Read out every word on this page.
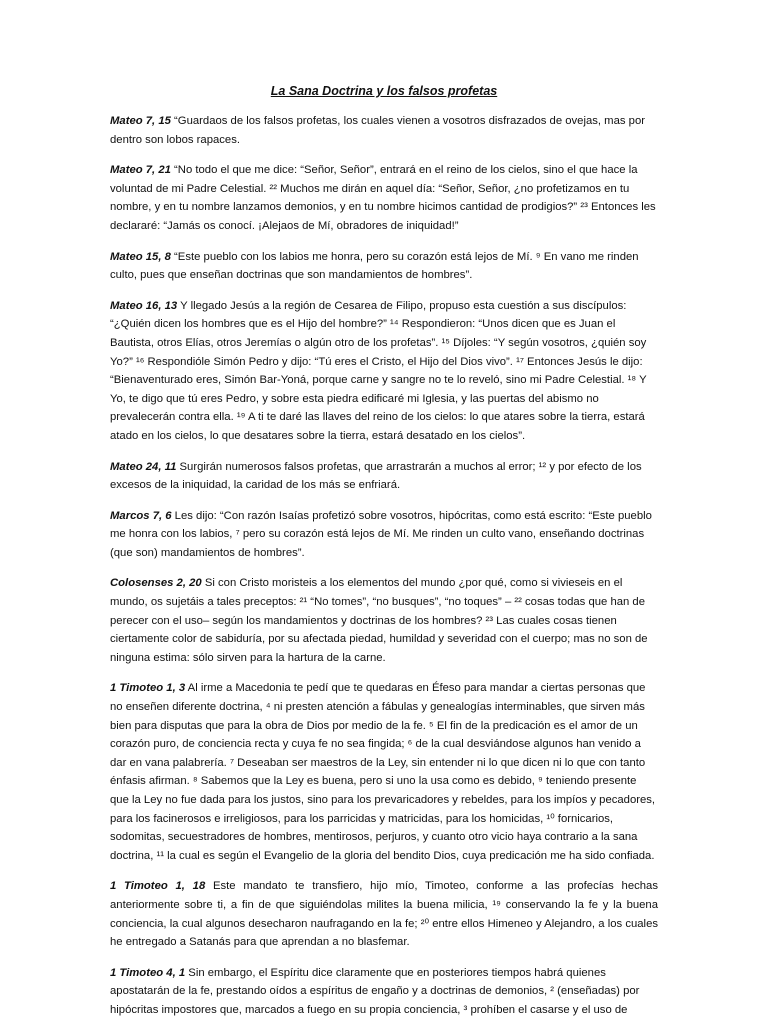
La Sana Doctrina y los falsos profetas

Mateo 7, 15 “Guardaos de los falsos profetas, los cuales vienen a vosotros disfrazados de ovejas, mas por dentro son lobos rapaces.

Mateo 7, 21 “No todo el que me dice: “Señor, Señor”, entrará en el reino de los cielos, sino el que hace la voluntad de mi Padre Celestial. ²² Muchos me dirán en aquel día: “Señor, Señor, ¿no profetizamos en tu nombre, y en tu nombre lanzamos demonios, y en tu nombre hicimos cantidad de prodigios?” ²³ Entonces les declararé: “Jamás os conocí. ¡Alejaos de Mí, obradores de iniquidad!”

Mateo 15, 8 “Este pueblo con los labios me honra, pero su corazón está lejos de Mí. ⁹ En vano me rinden culto, pues que enseñan doctrinas que son mandamientos de hombres”.

Mateo 16, 13 Y llegado Jesús a la región de Cesarea de Filipo, propuso esta cuestión a sus discípulos: “¿Quién dicen los hombres que es el Hijo del hombre?” ¹⁴ Respondieron: “Unos dicen que es Juan el Bautista, otros Elías, otros Jeremías o algún otro de los profetas”. ¹⁵ Díjoles: “Y según vosotros, ¿quién soy Yo?” ¹⁶ Respondióle Simón Pedro y dijo: “Tú eres el Cristo, el Hijo del Dios vivo”. ¹⁷ Entonces Jesús le dijo: “Bienaventurado eres, Simón Bar-Yoná, porque carne y sangre no te lo reveló, sino mi Padre Celestial. ¹⁸ Y Yo, te digo que tú eres Pedro, y sobre esta piedra edificaré mi Iglesia, y las puertas del abismo no prevalecerán contra ella. ¹⁹ A ti te daré las llaves del reino de los cielos: lo que atares sobre la tierra, estará atado en los cielos, lo que desatares sobre la tierra, estará desatado en los cielos”.

Mateo 24, 11 Surgirán numerosos falsos profetas, que arrastrarán a muchos al error; ¹² y por efecto de los excesos de la iniquidad, la caridad de los más se enfriará.

Marcos 7, 6 Les dijo: “Con razón Isaías profetizó sobre vosotros, hipócritas, como está escrito: “Este pueblo me honra con los labios, ⁷ pero su corazón está lejos de Mí. Me rinden un culto vano, enseñando doctrinas (que son) mandamientos de hombres”.

Colosenses 2, 20 Si con Cristo moristeis a los elementos del mundo ¿por qué, como si vivieseis en el mundo, os sujetáis a tales preceptos: ²¹ “No tomes”, “no busques”, “no toques” – ²² cosas todas que han de perecer con el uso– según los mandamientos y doctrinas de los hombres? ²³ Las cuales cosas tienen ciertamente color de sabiduría, por su afectada piedad, humildad y severidad con el cuerpo; mas no son de ninguna estima: sólo sirven para la hartura de la carne.

1 Timoteo 1, 3 Al irme a Macedonia te pedí que te quedaras en Éfeso para mandar a ciertas personas que no enseñen diferente doctrina, ⁴ ni presten atención a fábulas y genealogías interminables, que sirven más bien para disputas que para la obra de Dios por medio de la fe. ⁵ El fin de la predicación es el amor de un corazón puro, de conciencia recta y cuya fe no sea fingida; ⁶ de la cual desviándose algunos han venido a dar en vana palabrería. ⁷ Deseaban ser maestros de la Ley, sin entender ni lo que dicen ni lo que con tanto énfasis afirman. ⁸ Sabemos que la Ley es buena, pero si uno la usa como es debido, ⁹ teniendo presente que la Ley no fue dada para los justos, sino para los prevaricadores y rebeldes, para los impíos y pecadores, para los facinerosos e irreligiosos, para los parricidas y matricidas, para los homicidas, ¹⁰ fornicarios, sodomitas, secuestradores de hombres, mentirosos, perjuros, y cuanto otro vicio haya contrario a la sana doctrina, ¹¹ la cual es según el Evangelio de la gloria del bendito Dios, cuya predicación me ha sido confiada.

1 Timoteo 1, 18 Este mandato te transfiero, hijo mío, Timoteo, conforme a las profecías hechas anteriormente sobre ti, a fin de que siguiéndolas milites la buena milicia, ¹⁹ conservando la fe y la buena conciencia, la cual algunos desecharon naufragando en la fe; ²⁰ entre ellos Himeneo y Alejandro, a los cuales he entregado a Satanás para que aprendan a no blasfemar.

1 Timoteo 4, 1 Sin embargo, el Espíritu dice claramente que en posteriores tiempos habrá quienes apostatarán de la fe, prestando oídos a espíritus de engaño y a doctrinas de demonios, ² (enseñadas) por hipócritas impostores que, marcados a fuego en su propia conciencia, ³ prohíben el casarse y el uso de
